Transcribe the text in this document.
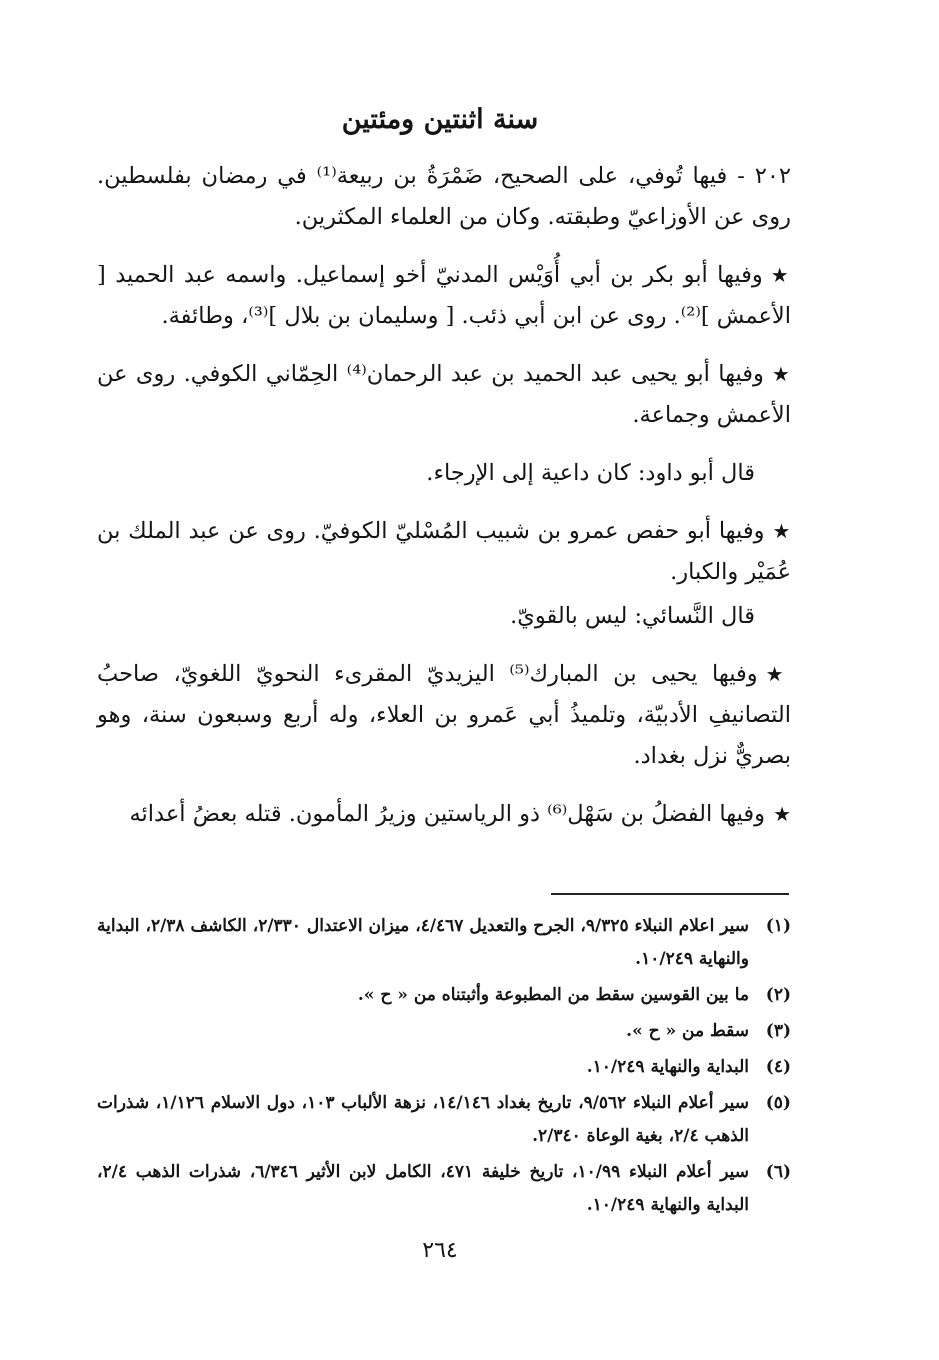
سنة اثنتين ومئتين

٢٠٢ -فيها تُوفي، على الصحيح، ضَمْرَةُ بن ربيعة⁽¹⁾ في رمضان بفلسطين. روى عن الأوزاعيّ وطبقته. وكان من العلماء المكثرين.

★وفيها أبو بكر بن أبي أُوَيْس المدنيّ أخو إسماعيل. واسمه عبد الحميد [ الأعمش ]⁽²⁾. روى عن ابن أبي ذئب. [ وسليمان بن بلال ]⁽³⁾، وطائفة.

★وفيها أبو يحيى عبد الحميد بن عبد الرحمان⁽⁴⁾ الحِمّاني الكوفي. روى عن الأعمش وجماعة.

قال أبو داود: كان داعية إلى الإرجاء.

★وفيها أبو حفص عمرو بن شبيب المُسْليّ الكوفيّ. روى عن عبد الملك بن عُمَيْر والكبار.

قال النَّسائي: ليس بالقويّ.

★وفيها يحيى بن المبارك⁽⁵⁾ اليزيديّ المقرىء النحويّ اللغويّ، صاحبُ التصانيفِ الأدبيّة، وتلميذُ أبي عَمرو بن العلاء، وله أربع وسبعون سنة، وهو بصريٌّ نزل بغداد.

★وفيها الفضلُ بن سَهْل⁽⁶⁾ ذو الرياستين وزيرُ المأمون. قتله بعضُ أعدائه

(١)سير اعلام النبلاء ٩/٣٢٥، الجرح والتعديل ٤/٤٦٧، ميزان الاعتدال ٢/٣٣٠، الكاشف ٢/٣٨، البداية والنهاية ١٠/٢٤٩.
(٢)ما بين القوسين سقط من المطبوعة وأثبتناه من « ح ».
(٣)سقط من « ح ».
(٤)البداية والنهاية ١٠/٢٤٩.
(٥)سير أعلام النبلاء ٩/٥٦٢، تاريخ بغداد ١٤/١٤٦، نزهة الألباب ١٠٣، دول الاسلام ١/١٢٦، شذرات الذهب ٢/٤، بغية الوعاة ٢/٣٤٠.
(٦)سير أعلام النبلاء ١٠/٩٩، تاريخ خليفة ٤٧١، الكامل لابن الأثير ٦/٣٤٦، شذرات الذهب ٢/٤، البداية والنهاية ١٠/٢٤٩.
٢٦٤
